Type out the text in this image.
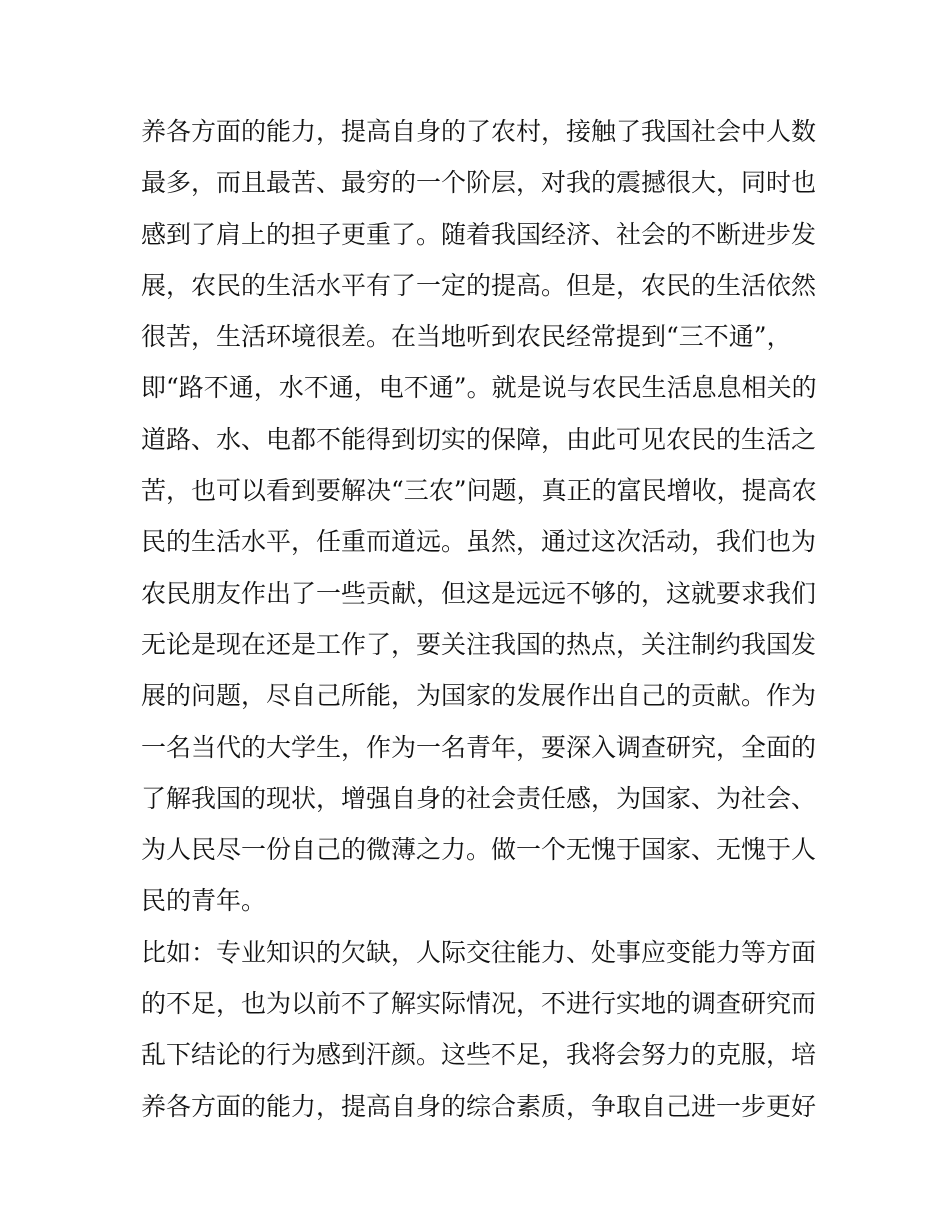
养各方面的能力，提高自身的了农村，接触了我国社会中人数
最多，而且最苦、最穷的一个阶层，对我的震撼很大，同时也
感到了肩上的担子更重了。随着我国经济、社会的不断进步发
展，农民的生活水平有了一定的提高。但是，农民的生活依然
很苦，生活环境很差。在当地听到农民经常提到“三不通”，
即“路不通，水不通，电不通”。就是说与农民生活息息相关的
道路、水、电都不能得到切实的保障，由此可见农民的生活之
苦，也可以看到要解决“三农”问题，真正的富民增收，提高农
民的生活水平，任重而道远。虽然，通过这次活动，我们也为
农民朋友作出了一些贡献，但这是远远不够的，这就要求我们
无论是现在还是工作了，要关注我国的热点，关注制约我国发
展的问题，尽自己所能，为国家的发展作出自己的贡献。作为
一名当代的大学生，作为一名青年，要深入调查研究，全面的
了解我国的现状，增强自身的社会责任感，为国家、为社会、
为人民尽一份自己的微薄之力。做一个无愧于国家、无愧于人
民的青年。
比如：专业知识的欠缺，人际交往能力、处事应变能力等方面
的不足，也为以前不了解实际情况，不进行实地的调查研究而
乱下结论的行为感到汗颜。这些不足，我将会努力的克服，培
养各方面的能力，提高自身的综合素质，争取自己进一步更好
